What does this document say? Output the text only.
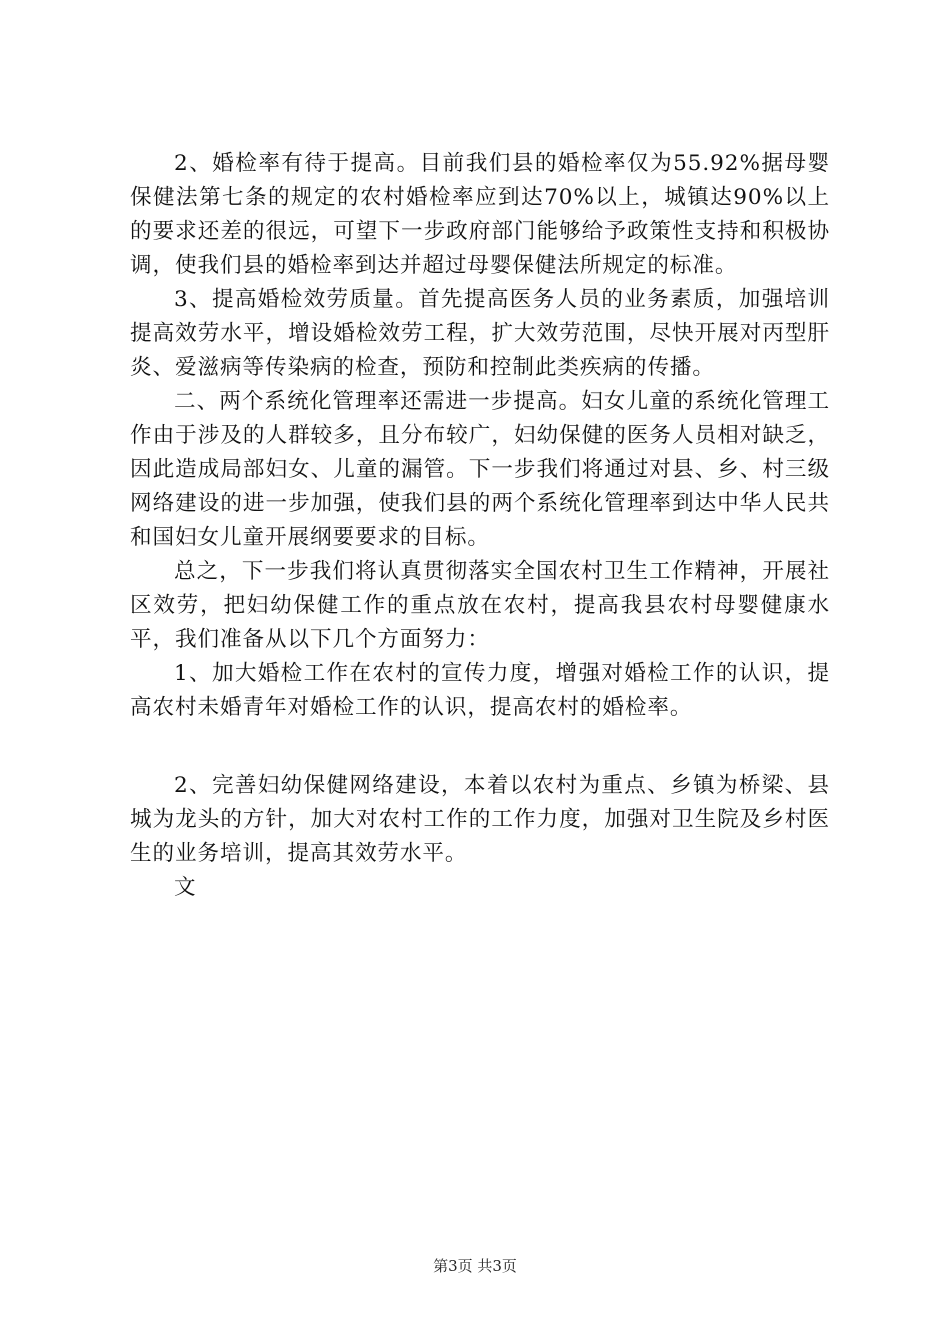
2、婚检率有待于提高。目前我们县的婚检率仅为55.92%据母婴保健法第七条的规定的农村婚检率应到达70%以上，城镇达90%以上的要求还差的很远，可望下一步政府部门能够给予政策性支持和积极协调，使我们县的婚检率到达并超过母婴保健法所规定的标准。

3、提高婚检效劳质量。首先提高医务人员的业务素质，加强培训提高效劳水平，增设婚检效劳工程，扩大效劳范围，尽快开展对丙型肝炎、爱滋病等传染病的检查，预防和控制此类疾病的传播。

二、两个系统化管理率还需进一步提高。妇女儿童的系统化管理工作由于涉及的人群较多，且分布较广，妇幼保健的医务人员相对缺乏，因此造成局部妇女、儿童的漏管。下一步我们将通过对县、乡、村三级网络建设的进一步加强，使我们县的两个系统化管理率到达中华人民共和国妇女儿童开展纲要要求的目标。

总之，下一步我们将认真贯彻落实全国农村卫生工作精神，开展社区效劳，把妇幼保健工作的重点放在农村，提高我县农村母婴健康水平，我们准备从以下几个方面努力：

1、加大婚检工作在农村的宣传力度，增强对婚检工作的认识，提高农村未婚青年对婚检工作的认识，提高农村的婚检率。

2、完善妇幼保健网络建设，本着以农村为重点、乡镇为桥梁、县城为龙头的方针，加大对农村工作的工作力度，加强对卫生院及乡村医生的业务培训，提高其效劳水平。

文

第3页 共3页
